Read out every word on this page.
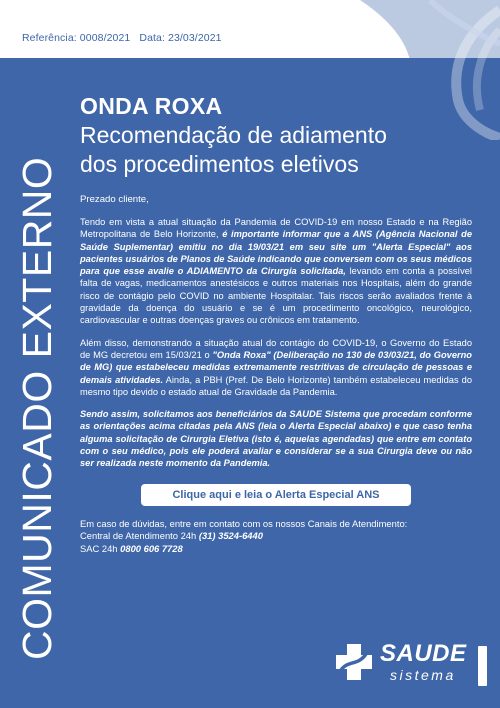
Referência: 0008/2021 Data: 23/03/2021
COMUNICADO EXTERNO

ONDA ROXA

Recomendação de adiamento

dos procedimentos eletivos

Prezado cliente,
Tendo em vista a atual situação da Pandemia de COVID-19 em nosso Estado e na Região Metropolitana de Belo Horizonte, é importante informar que a ANS (Agência Nacional de Saúde Suplementar) emitiu no dia 19/03/21 em seu site um "Alerta Especial" aos pacientes usuários de Planos de Saúde indicando que conversem com os seus médicos para que esse avalie o ADIAMENTO da Cirurgia solicitada, levando em conta a possível falta de vagas, medicamentos anestésicos e outros materiais nos Hospitais, além do grande risco de contágio pelo COVID no ambiente Hospitalar. Tais riscos serão avaliados frente à gravidade da doença do usuário e se é um procedimento oncológico, neurológico, cardiovascular e outras doenças graves ou crônicos em tratamento.
Além disso, demonstrando a situação atual do contágio do COVID-19, o Governo do Estado de MG decretou em 15/03/21 o "Onda Roxa" (Deliberação no 130 de 03/03/21, do Governo de MG) que estabeleceu medidas extremamente restritivas de circulação de pessoas e demais atividades. Ainda, a PBH (Pref. De Belo Horizonte) também estabeleceu medidas do mesmo tipo devido o estado atual de Gravidade da Pandemia.
Sendo assim, solicitamos aos beneficiários da SAUDE Sistema que procedam conforme as orientações acima citadas pela ANS (leia o Alerta Especial abaixo) e que caso tenha alguma solicitação de Cirurgia Eletiva (isto é, aquelas agendadas) que entre em contato com o seu médico, pois ele poderá avaliar e considerar se a sua Cirurgia deve ou não ser realizada neste momento da Pandemia.
Clique aqui e leia o Alerta Especial ANS
Em caso de dúvidas, entre em contato com os nossos Canais de Atendimento:
Central de Atendimento 24h (31) 3524-6440
SAC 24h 0800 606 7728
SAUDE
sistema
